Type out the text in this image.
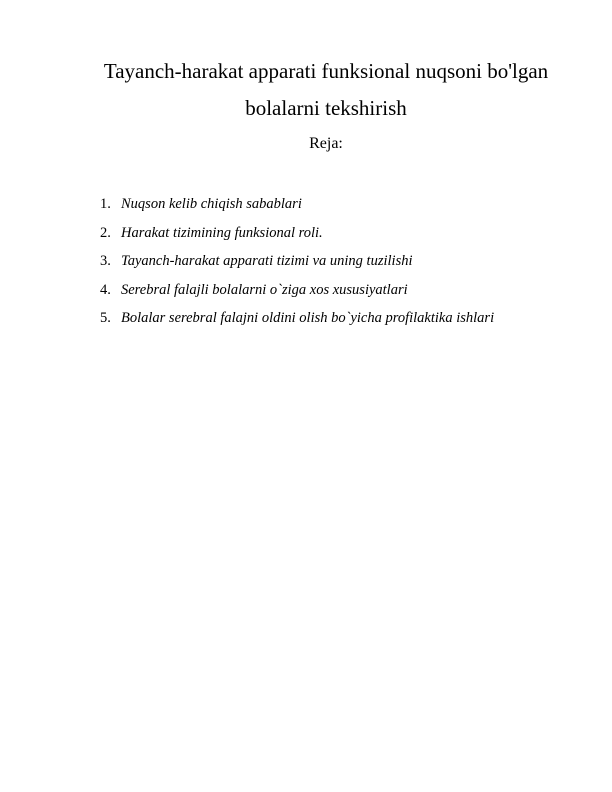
Tayanch-harakat apparati funksional nuqsoni bo'lgan
bolalarni tekshirish
Reja:
1. Nuqson kelib chiqish sabablari
2. Harakat tizimining funksional roli.
3. Tayanch-harakat apparati tizimi va uning tuzilishi
4. Serebral falajli bolalarni o`ziga xos xususiyatlari
5. Bolalar serebral falajni oldini olish bo`yicha profilaktika ishlari
